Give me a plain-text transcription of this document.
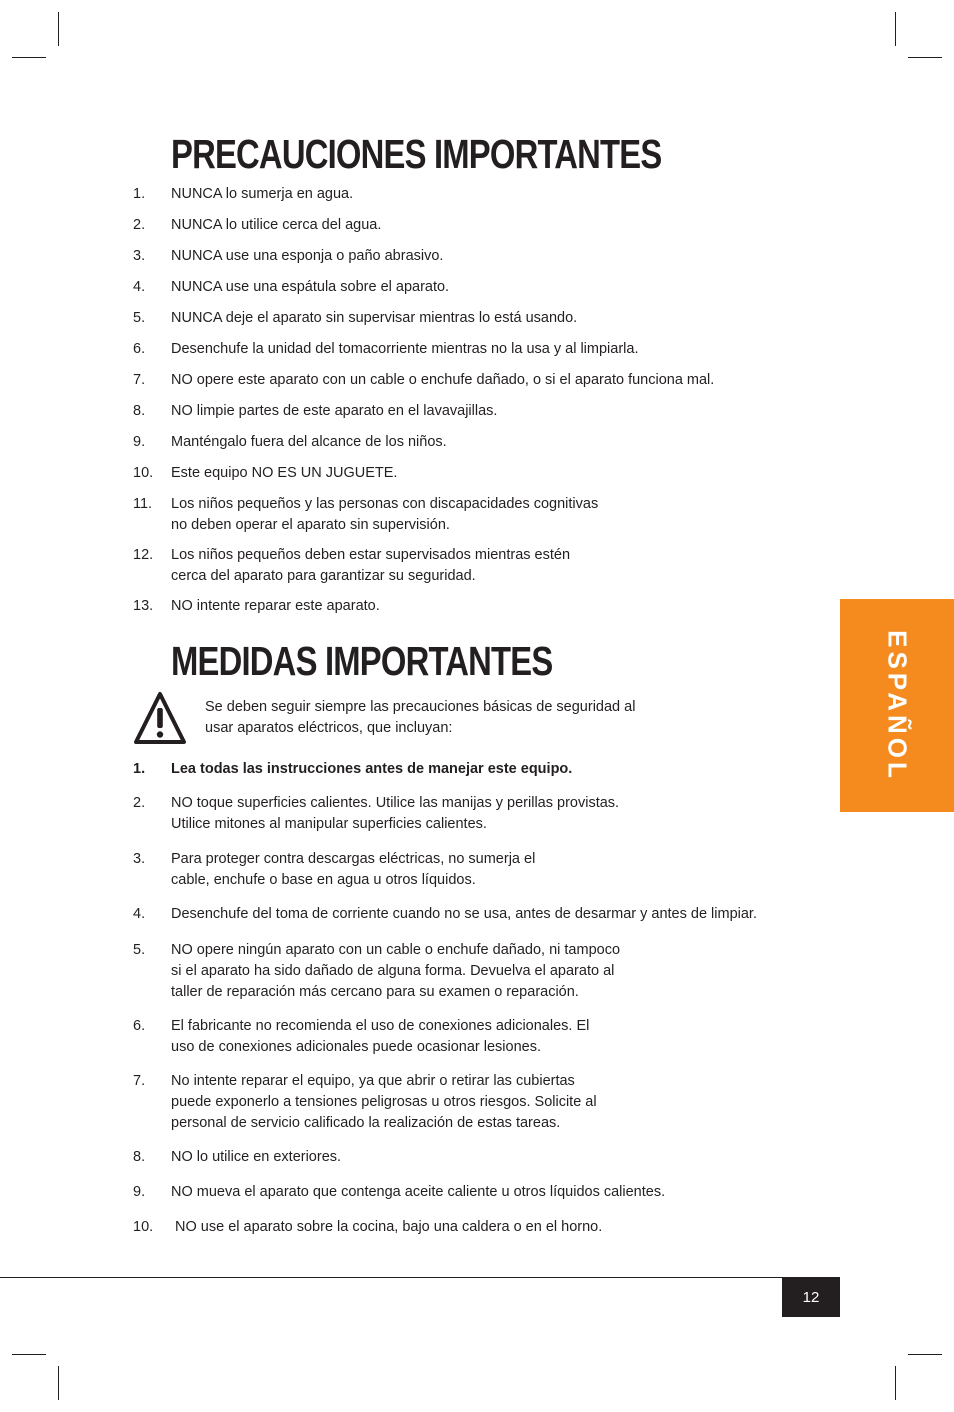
PRECAUCIONES IMPORTANTES
1.	NUNCA lo sumerja en agua.
2.	NUNCA lo utilice cerca del agua.
3.	NUNCA use una esponja o paño abrasivo.
4.	NUNCA use una espátula sobre el aparato.
5.	NUNCA deje el aparato sin supervisar mientras lo está usando.
6.	Desenchufe la unidad del tomacorriente mientras no la usa y al limpiarla.
7.	NO opere este aparato con un cable o enchufe dañado, o si el aparato funciona mal.
8.	NO limpie partes de este aparato en el lavavajillas.
9.	Manténgalo fuera del alcance de los niños.
10.	Este equipo NO ES UN JUGUETE.
11.	Los niños pequeños y las personas con discapacidades cognitivas
no deben operar el aparato sin supervisión.
12.	Los niños pequeños deben estar supervisados mientras estén
cerca del aparato para garantizar su seguridad.
13.	NO intente reparar este aparato.
MEDIDAS IMPORTANTES
Se deben seguir siempre las precauciones básicas de seguridad al
usar aparatos eléctricos, que incluyan:
1.	Lea todas las instrucciones antes de manejar este equipo.
2.	NO toque superficies calientes. Utilice las manijas y perillas provistas.
Utilice mitones al manipular superficies calientes.
3.	Para proteger contra descargas eléctricas, no sumerja el
cable, enchufe o base en agua u otros líquidos.
4.	Desenchufe del toma de corriente cuando no se usa, antes de desarmar y antes de limpiar.
5.	NO opere ningún aparato con un cable o enchufe dañado, ni tampoco
si el aparato ha sido dañado de alguna forma. Devuelva el aparato al
taller de reparación más cercano para su examen o reparación.
6.	El fabricante no recomienda el uso de conexiones adicionales. El
uso de conexiones adicionales puede ocasionar lesiones.
7.	No intente reparar el equipo, ya que abrir o retirar las cubiertas
puede exponerlo a tensiones peligrosas u otros riesgos. Solicite al
personal de servicio calificado la realización de estas tareas.
8.	NO lo utilice en exteriores.
9.	NO mueva el aparato que contenga aceite caliente u otros líquidos calientes.
10.	NO use el aparato sobre la cocina, bajo una caldera o en el horno.
ESPAÑOL
12
